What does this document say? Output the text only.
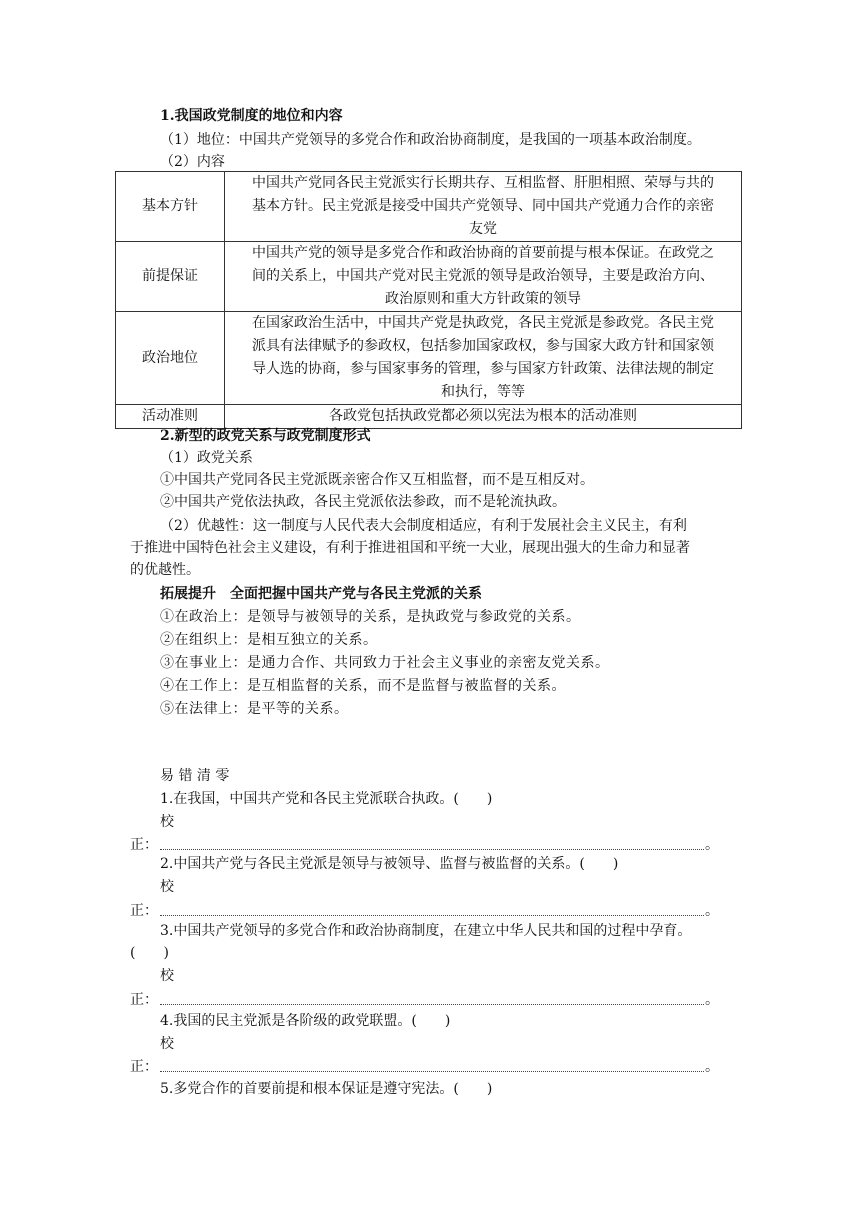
1.我国政党制度的地位和内容
（1）地位：中国共产党领导的多党合作和政治协商制度，是我国的一项基本政治制度。
（2）内容
基本方针	中国共产党同各民主党派实行长期共存、互相监督、肝胆相照、荣辱与共的
基本方针。民主党派是接受中国共产党领导、同中国共产党通力合作的亲密
友党

前提保证	中国共产党的领导是多党合作和政治协商的首要前提与根本保证。在政党之
间的关系上，中国共产党对民主党派的领导是政治领导，主要是政治方向、
政治原则和重大方针政策的领导

政治地位	在国家政治生活中，中国共产党是执政党，各民主党派是参政党。各民主党
派具有法律赋予的参政权，包括参加国家政权，参与国家大政方针和国家领
导人选的协商，参与国家事务的管理，参与国家方针政策、法律法规的制定
和执行，等等

活动准则	各政党包括执政党都必须以宪法为根本的活动准则
2.新型的政党关系与政党制度形式
（1）政党关系
①中国共产党同各民主党派既亲密合作又互相监督，而不是互相反对。
②中国共产党依法执政，各民主党派依法参政，而不是轮流执政。
（2）优越性：这一制度与人民代表大会制度相适应，有利于发展社会主义民主，有利
于推进中国特色社会主义建设，有利于推进祖国和平统一大业，展现出强大的生命力和显著
的优越性。
拓展提升　全面把握中国共产党与各民主党派的关系
①在政治上：是领导与被领导的关系，是执政党与参政党的关系。
②在组织上：是相互独立的关系。
③在事业上：是通力合作、共同致力于社会主义事业的亲密友党关系。
④在工作上：是互相监督的关系，而不是监督与被监督的关系。
⑤在法律上：是平等的关系。
易 错 清 零
1.在我国，中国共产党和各民主党派联合执政。(　　)
校
正：	。
2.中国共产党与各民主党派是领导与被领导、监督与被监督的关系。(　　)
校
正：	。
3.中国共产党领导的多党合作和政治协商制度，在建立中华人民共和国的过程中孕育。
(　　)
校
正：	。
4.我国的民主党派是各阶级的政党联盟。(　　)
校
正：	。
5.多党合作的首要前提和根本保证是遵守宪法。(　　)
